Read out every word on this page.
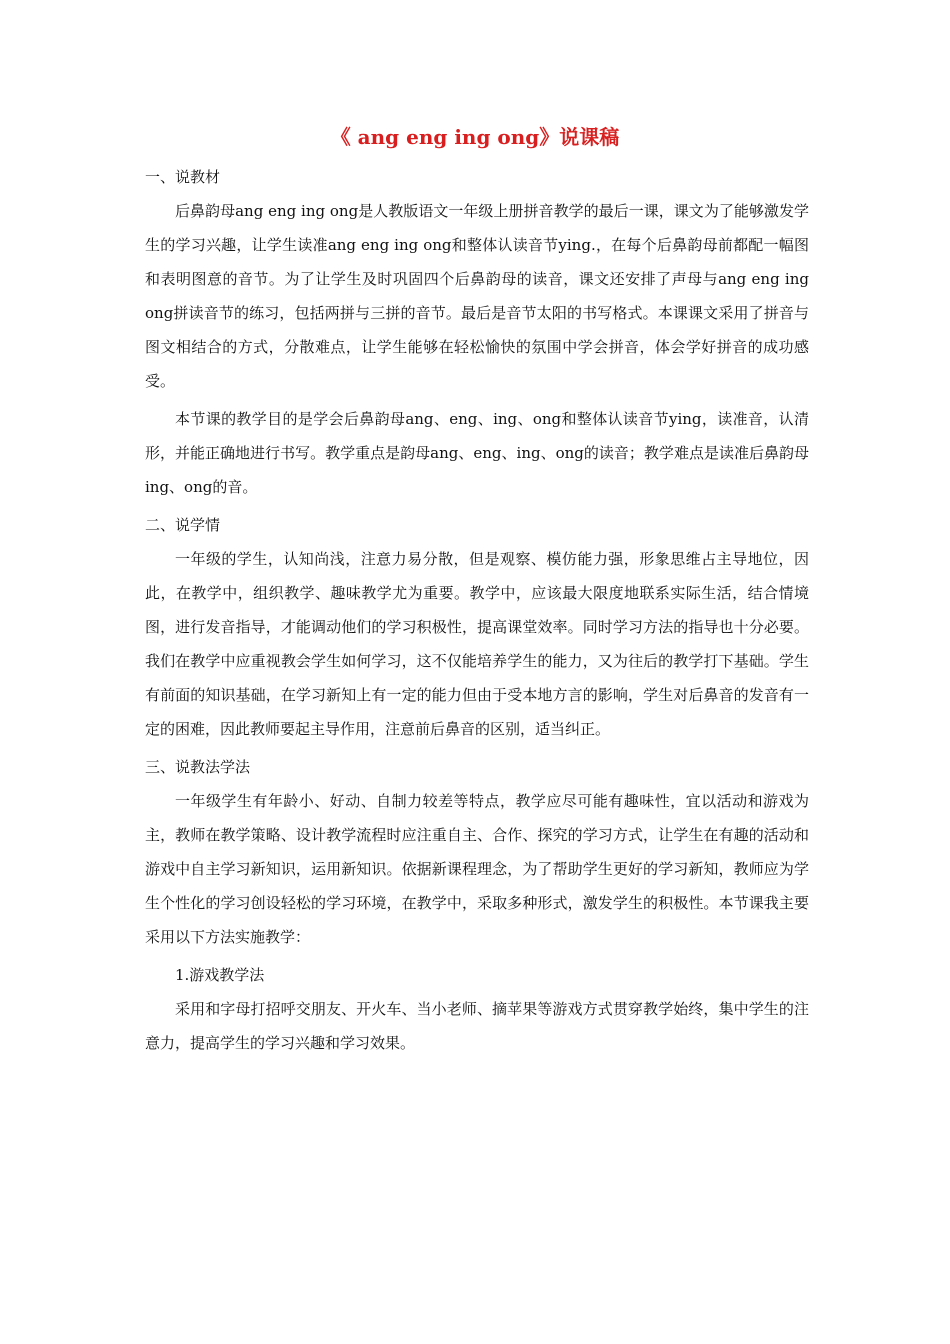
《 ang eng ing ong》说课稿
一、说教材

后鼻韵母ang eng ing ong是人教版语文一年级上册拼音教学的最后一课，课文为了能够激发学生的学习兴趣，让学生读准ang eng ing ong和整体认读音节ying.，在每个后鼻韵母前都配一幅图和表明图意的音节。为了让学生及时巩固四个后鼻韵母的读音，课文还安排了声母与ang eng ing ong拼读音节的练习，包括两拼与三拼的音节。最后是音节太阳的书写格式。本课课文采用了拼音与图文相结合的方式，分散难点，让学生能够在轻松愉快的氛围中学会拼音，体会学好拼音的成功感受。

本节课的教学目的是学会后鼻韵母ang、eng、ing、ong和整体认读音节ying，读准音，认清形，并能正确地进行书写。教学重点是韵母ang、eng、ing、ong的读音；教学难点是读准后鼻韵母ing、ong的音。

二、说学情

一年级的学生，认知尚浅，注意力易分散，但是观察、模仿能力强，形象思维占主导地位，因此，在教学中，组织教学、趣味教学尤为重要。教学中，应该最大限度地联系实际生活，结合情境图，进行发音指导，才能调动他们的学习积极性，提高课堂效率。同时学习方法的指导也十分必要。我们在教学中应重视教会学生如何学习，这不仅能培养学生的能力，又为往后的教学打下基础。学生有前面的知识基础，在学习新知上有一定的能力但由于受本地方言的影响，学生对后鼻音的发音有一定的困难，因此教师要起主导作用，注意前后鼻音的区别，适当纠正。

三、说教法学法

一年级学生有年龄小、好动、自制力较差等特点，教学应尽可能有趣味性，宜以活动和游戏为主，教师在教学策略、设计教学流程时应注重自主、合作、探究的学习方式，让学生在有趣的活动和游戏中自主学习新知识，运用新知识。依据新课程理念，为了帮助学生更好的学习新知，教师应为学生个性化的学习创设轻松的学习环境，在教学中，采取多种形式，激发学生的积极性。本节课我主要采用以下方法实施教学：

1.游戏教学法

采用和字母打招呼交朋友、开火车、当小老师、摘苹果等游戏方式贯穿教学始终，集中学生的注意力，提高学生的学习兴趣和学习效果。
